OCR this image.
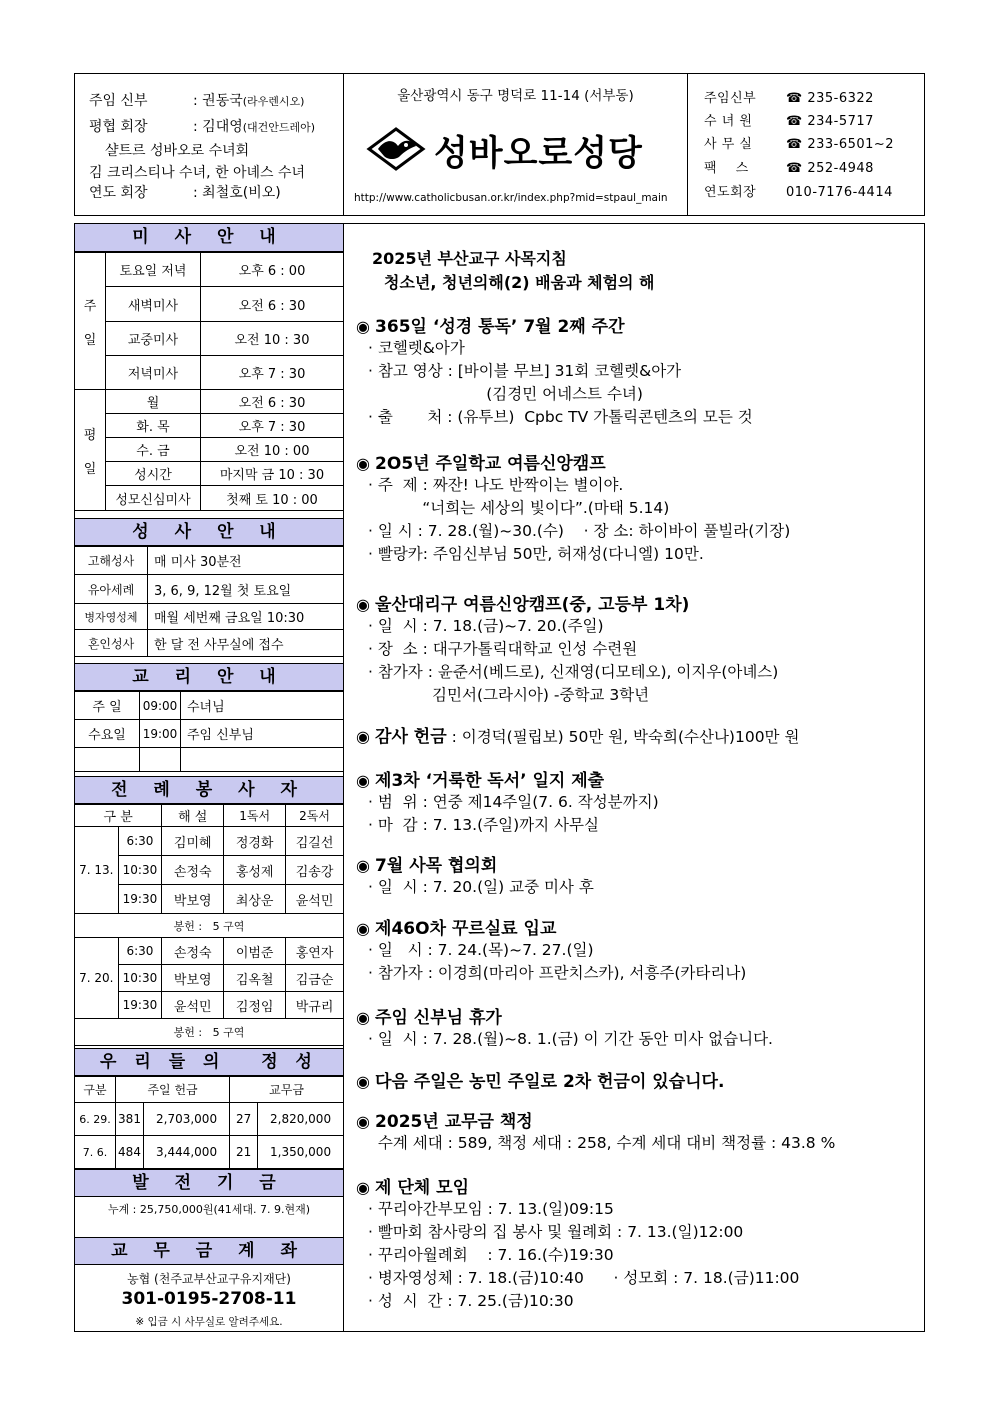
주임 신부	: 권동국(라우렌시오)
평협 회장	: 김대영(대건안드레아)
샬트르 성바오로 수녀회
김 크리스티나 수녀, 한 아녜스 수녀
연도 회장	: 최철호(비오)
울산광역시 동구 명덕로 11-14 (서부동)
성바오로성당
http://www.catholicbusan.or.kr/index.php?mid=stpaul_main
주임신부 ☎ 235-6322
수 녀 원	☎ 234-5717
사 무 실	☎ 233-6501~2
팩    스	☎ 252-4948
연도회장 010-7176-4414
미 사 안 내
주

일	토요일 저녁	오후 6 : 00
	새벽미사	오전 6 : 30
	교중미사	오전 10 : 30
	저녁미사	오후 7 : 30
평

일	월	오전 6 : 30
	화. 목	오후 7 : 30
	수. 금	오전 10 : 00
	성시간	마지막 금 10 : 30
	성모신심미사	첫째 토 10 : 00
성 사 안 내
고해성사	매 미사 30분전
유아세례	3, 6, 9, 12월 첫 토요일
병자영성체	매월 세번째 금요일 10:30
혼인성사	한 달 전 사무실에 접수
교 리 안 내
주 일	09:00	수녀님
수요일	19:00	주임 신부님

전 례 봉 사 자
구 분		해 설	1독서	2독서
7. 13.	6:30	김미혜	정경화	김길선
	10:30	손정숙	홍성제	김송강
	19:30	박보영	최상운	윤석민
봉헌 :   5 구역				
7. 20.	6:30	손정숙	이범준	홍연자
	10:30	박보영	김옥철	김금순
	19:30	윤석민	김정임	박규리
봉헌 :   5 구역				
우 리 들 의   정 성
구분	주일 헌금		교무금	
6. 29.	381	2,703,000	27	2,820,000
7. 6.	484	3,444,000	21	1,350,000
발 전 기 금
누계 : 25,750,000원(41세대. 7. 9.현재)
교 무 금 계 좌
농협 (천주교부산교구유지재단)
301-0195-2708-11
※ 입금 시 사무실로 알려주세요.
2025년 부산교구 사목지침
청소년, 청년의해(2) 배움과 체험의 해
◉ 365일 ‘성경 통독’ 7월 2째 주간
· 코헬렛&아가
· 참고 영상 : [바이블 무브] 31회 코헬렛&아가
(김경민 어네스트 수녀)
· 출       처 : (유투브)  Cpbc TV 가톨릭콘텐츠의 모든 것
◉ 2O5년 주일학교 여름신앙캠프
· 주  제 : 짜잔! 나도 반짝이는 별이야.
“너희는 세상의 빛이다”.(마태 5.14)
· 일 시 : 7. 28.(월)~30.(수)    · 장 소: 하이바이 풀빌라(기장)
· 빨랑카: 주임신부님 50만, 허재성(다니엘) 10만.
◉ 울산대리구 여름신앙캠프(중, 고등부 1차)
· 일  시 : 7. 18.(금)~7. 20.(주일)
· 장  소 : 대구가톨릭대학교 인성 수련원
· 참가자 : 윤준서(베드로), 신재영(디모테오), 이지우(아녜스)
김민서(그라시아) -중학교 3학년
◉ 감사 헌금 : 이경덕(필립보) 50만 원, 박숙희(수산나)100만 원
◉ 제3차 ‘거룩한 독서’ 일지 제출
· 범  위 : 연중 제14주일(7. 6. 작성분까지)
· 마  감 : 7. 13.(주일)까지 사무실
◉ 7월 사목 협의회
· 일  시 : 7. 20.(일) 교중 미사 후
◉ 제46O차 꾸르실료 입교
· 일   시 : 7. 24.(목)~7. 27.(일)
· 참가자 : 이경희(마리아 프란치스카), 서흥주(카타리나)
◉ 주임 신부님 휴가
· 일  시 : 7. 28.(월)~8. 1.(금) 이 기간 동안 미사 없습니다.
◉ 다음 주일은 농민 주일로 2차 헌금이 있습니다.
◉ 2025년 교무금 책정
수계 세대 : 589, 책정 세대 : 258, 수계 세대 대비 책정률 : 43.8 %
◉ 제 단체 모임
· 꾸리아간부모임 : 7. 13.(일)09:15
· 빨마회 참사랑의 집 봉사 및 월례회 : 7. 13.(일)12:00
· 꾸리아월례회    : 7. 16.(수)19:30
· 병자영성체 : 7. 18.(금)10:40      · 성모회 : 7. 18.(금)11:00
· 성  시  간 : 7. 25.(금)10:30
